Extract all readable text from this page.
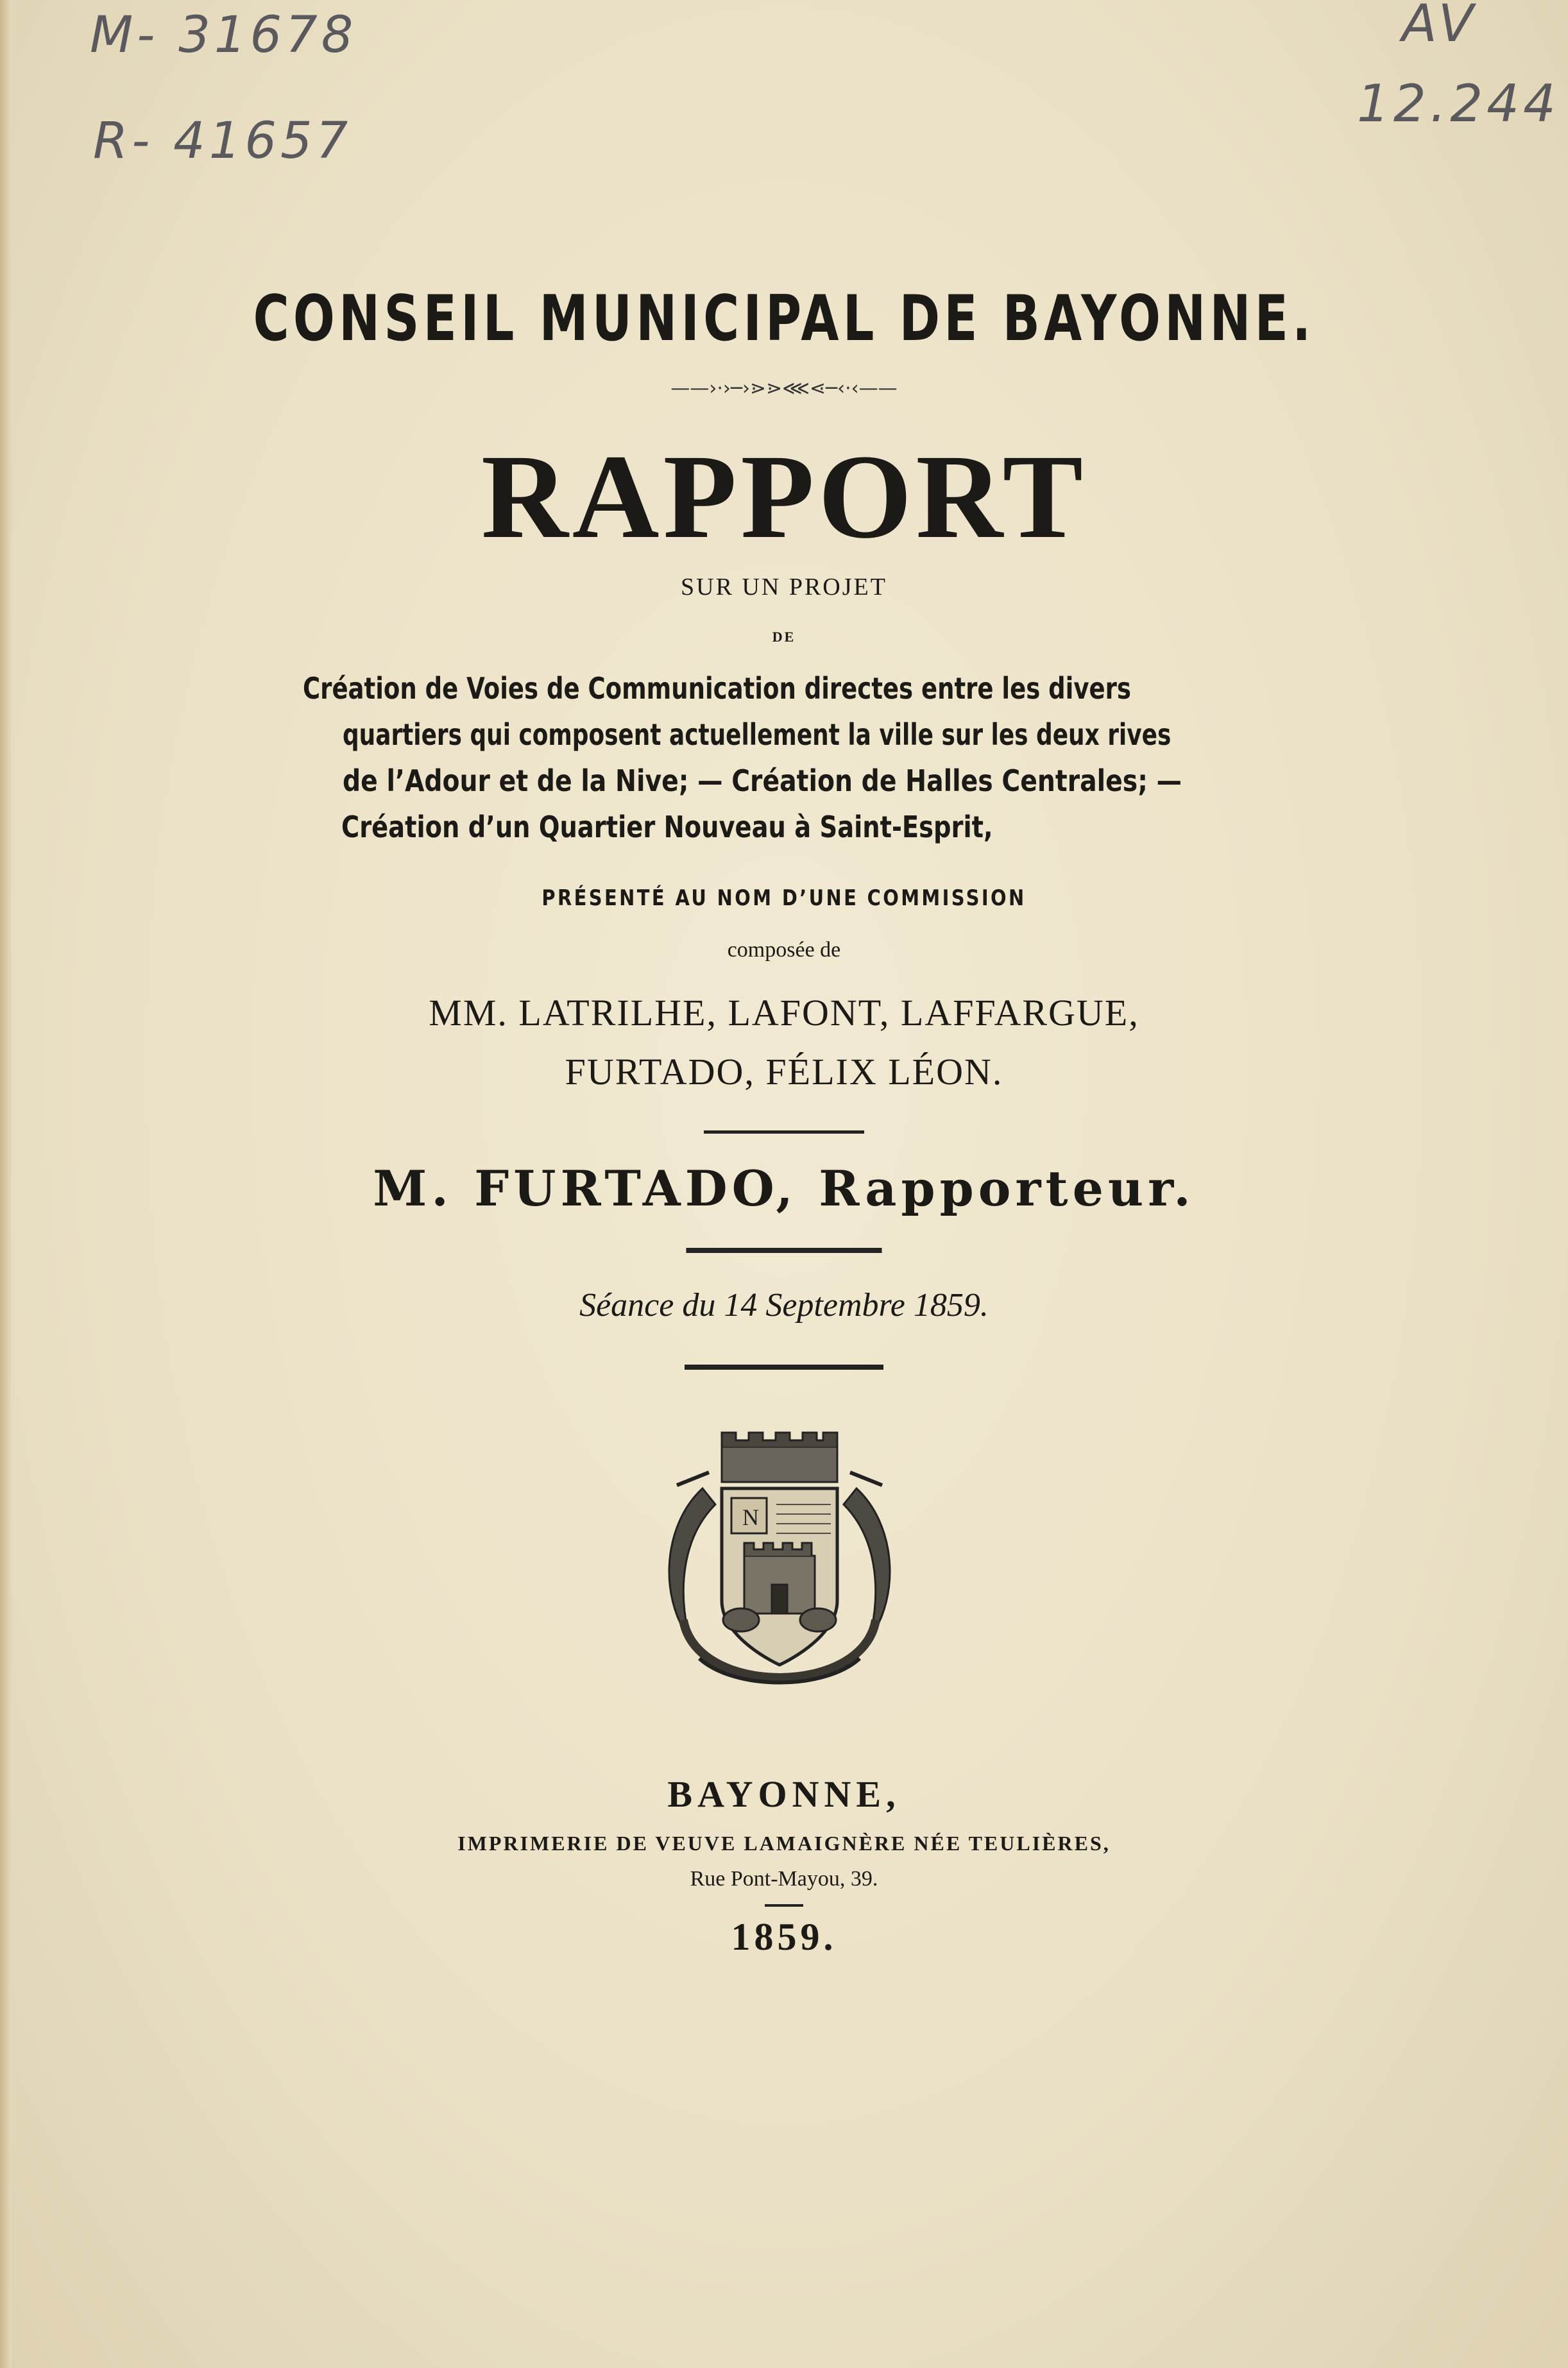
M- 31678
R- 41657
AV
12.244
CONSEIL MUNICIPAL DE BAYONNE.
——›·›─›⋗⋗⋘⋖─‹·‹——
RAPPORT
SUR UN PROJET
DE
Création de Voies de Communication directes entre les divers
quartiers qui composent actuellement la ville sur les deux rives
de l’Adour et de la Nive; — Création de Halles Centrales; —
Création d’un Quartier Nouveau à Saint-Esprit,
PRÉSENTÉ AU NOM D’UNE COMMISSION
composée de
MM. LATRILHE, LAFONT, LAFFARGUE,
FURTADO, FÉLIX LÉON.
M. FURTADO, Rapporteur.
Séance du 14 Septembre 1859.
N
BAYONNE,
IMPRIMERIE DE VEUVE LAMAIGNÈRE NÉE TEULIÈRES,
Rue Pont-Mayou, 39.
1859.
